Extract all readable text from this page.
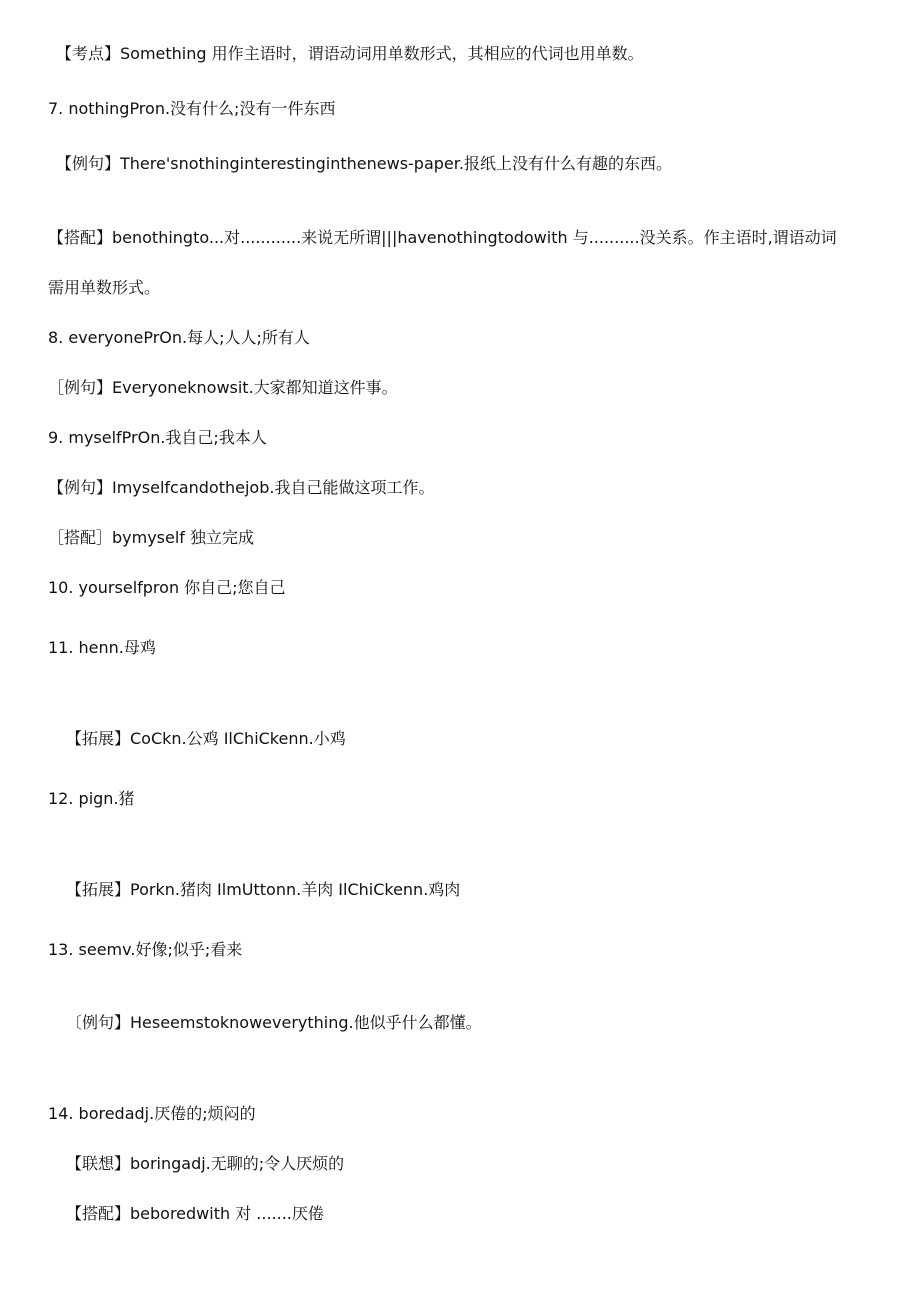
【考点】Something 用作主语时，谓语动词用单数形式，其相应的代词也用单数。
7. nothingPron.没有什么;没有一件东西
【例句】There'snothinginterestinginthenews-paper.报纸上没有什么有趣的东西。
【搭配】benothingto...对............来说无所谓|||havenothingtodowith 与..........没关系。作主语时,谓语动词
需用单数形式。
8. everyonePrOn.每人;人人;所有人
［例句】Everyoneknowsit.大家都知道这件事。
9. myselfPrOn.我自己;我本人
【例句】Imyselfcandothejob.我自己能做这项工作。
［搭配］bymyself 独立完成
10. yourselfpron 你自己;您自己
11. henn.母鸡
【拓展】CoCkn.公鸡 IlChiCkenn.小鸡
12. pign.猪
【拓展】Porkn.猪肉 IlmUttonn.羊肉 IlChiCkenn.鸡肉
13. seemv.好像;似乎;看来
〔例句】Heseemstoknoweverything.他似乎什么都懂。
14. boredadj.厌倦的;烦闷的
【联想】boringadj.无聊的;令人厌烦的
【搭配】beboredwith 对 .......厌倦
